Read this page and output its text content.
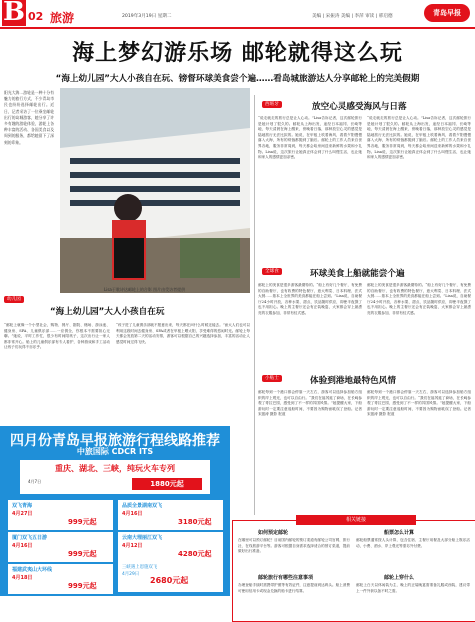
B 02 旅游	2019年3月19日 星期二	美编 | 宋振涛 美编 | 李萍 审读 | 邢启德	青岛早报
海上梦幻游乐场 邮轮就得这么玩
“海上幼儿园”大人小孩自在玩、镑督环球美食尝个遍……看岛城旅游达人分享邮轮上的完美假期
阳光大海…游轮是一种十分有魅力的旅行方式，不少青岛市民也纷纷选择邮轮出行。近日，记者采访了一位乘坐邮轮出行的岛城游客，她分享了许多有趣的游轮体验，游轮上各种丰富的活动、各国美食以及周到的服务，都给她留下了深刻的印象。
Lisa于歌诗达邮轮上的合影 图片由受访者提供
西班牙	放空心灵感受海风与日落
“说走就走的旅行总是让人心动。”Lisa告诉记者，这次邮轮旅行是她计划了很久的。邮轮从上海出发，途经日本福冈、长崎等地，每天清晨在海上醒来，傍晚看日落，那种放空心灵的感觉是陆地旅行无法比拟的。她说，在甲板上吹着海风，看着夕阳慢慢落入大海，所有的烦恼都抛到了脑后。邮轮上的工作人员来自世界各地，服务非常周到，每天都会给房间送来新鲜的水果和小礼物。Lisa说，这次旅行让她真正体会到了什么叫慢生活，也让她和家人的感情更加亲密。
“说走就走的旅行总是让人心动。”Lisa告诉记者，这次邮轮旅行是她计划了很久的。邮轮从上海出发，途经日本福冈、长崎等地，每天清晨在海上醒来，傍晚看日落，那种放空心灵的感觉是陆地旅行无法比拟的。她说，在甲板上吹着海风，看着夕阳慢慢落入大海，所有的烦恼都抛到了脑后。邮轮上的工作人员来自世界各地，服务非常周到，每天都会给房间送来新鲜的水果和小礼物。Lisa说，这次旅行让她真正体会到了什么叫慢生活，也让她和家人的感情更加亲密。
全球食	环球美食上船就能尝个遍
邮轮上的美食是很多游客最期待的。“船上有好几个餐厅，有免费的自助餐厅，也有收费的特色餐厅，意大利菜、日本料理、法式大餐……基本上全世界的美食都能在船上尝到。”Lisa说，自助餐厅24小时开放，各种水果、甜点、饮品随时供应，即使半夜饿了也不用担心。晚上的主餐厅还会有正装晚宴，大家都会穿上最漂亮的衣服参加，非常有仪式感。
邮轮上的美食是很多游客最期待的。“船上有好几个餐厅，有免费的自助餐厅，也有收费的特色餐厅，意大利菜、日本料理、法式大餐……基本上全世界的美食都能在船上尝到。”Lisa说，自助餐厅24小时开放，各种水果、甜点、饮品随时供应，即使半夜饿了也不用担心。晚上的主餐厅还会有正装晚宴，大家都会穿上最漂亮的衣服参加，非常有仪式感。
小贴士	体验到港地最特色风情
邮轮每到一个港口都会停靠一天左右，游客可以选择参加船方组织的岸上观光，也可以自由行。“我们在福冈逛了商场，在长崎参观了哥拉巴园，感受到了不一样的异国风情。”她提醒大家，下船游玩时一定要注意返船时间，不要因为购物而耽误了登船。记者 宋振涛 摄影 报道
邮轮每到一个港口都会停靠一天左右，游客可以选择参加船方组织的岸上观光，也可以自由行。“我们在福冈逛了商场，在长崎参观了哥拉巴园，感受到了不一样的异国风情。”她提醒大家，下船游玩时一定要注意返船时间，不要因为购物而耽误了登船。记者 宋振涛 摄影 报道
幼儿园
“海上幼儿园”大人小孩自在玩
“邮轮上就像一个小型社会，购物、餐厅、剧院、赌场、游泳池、健身房、SPA、儿童俱乐部……一应俱全，你根本不需要担心无聊。”她说，平时工作忙，很少有时间陪孩子，这次出行让一家人都非常开心。船上的儿童俱乐部有专人看护，各种游戏和手工活动让孩子们玩得不亦乐乎。
“孩子进了儿童俱乐部就不愿意出来，每天都在问什么时候还能去。”而大人们也可以利用这段时间去健身房、SPA或者在甲板上晒太阳，享受难得的悠闲时光。邮轮上每天都会发放第二天的活动安排，游客可以根据自己的兴趣选择参加，丰富的活动让人感觉时间过得飞快。
四月份青岛早报旅游行程线路推荐
中旅国际 CDCR ITS
重庆、湖北、三峡，纯玩火车专列
4月7日	1880元起
双飞青海
4月27日
999元起
品质全景湖南双飞
4月16日
3180元起
厦门双飞五日游
4月16日
999元起
云南大理丽江双飞
4月12日
4280元起
福建武夷山大环线
4月18日
999元起
三峡遇上恩施双飞
4月29日
2680元起
相关链接
如何预定邮轮
在哪里可以预订邮轮？目前国内邮轮的预订渠道有邮轮公司官网、旅行社、在线旅游平台等。游客可根据自身需求选择适合的预订渠道，提前做好出行准备。
邮轮旅行有哪些注意事项
办理登船手续时需携带护照等有效证件，注意提前到达码头。船上消费可使用信用卡或现金兑换的船卡进行结算。
船票怎么计算
邮轮船票通常按人头计算，包含住宿、主餐厅用餐及大部分船上娱乐活动，小费、酒水、岸上观光等需另外付费。
邮轮上穿什么
邮轮上白天以休闲装为主，晚上的正装晚宴需准备礼服或西装，建议带上一件外套以备不时之需。
